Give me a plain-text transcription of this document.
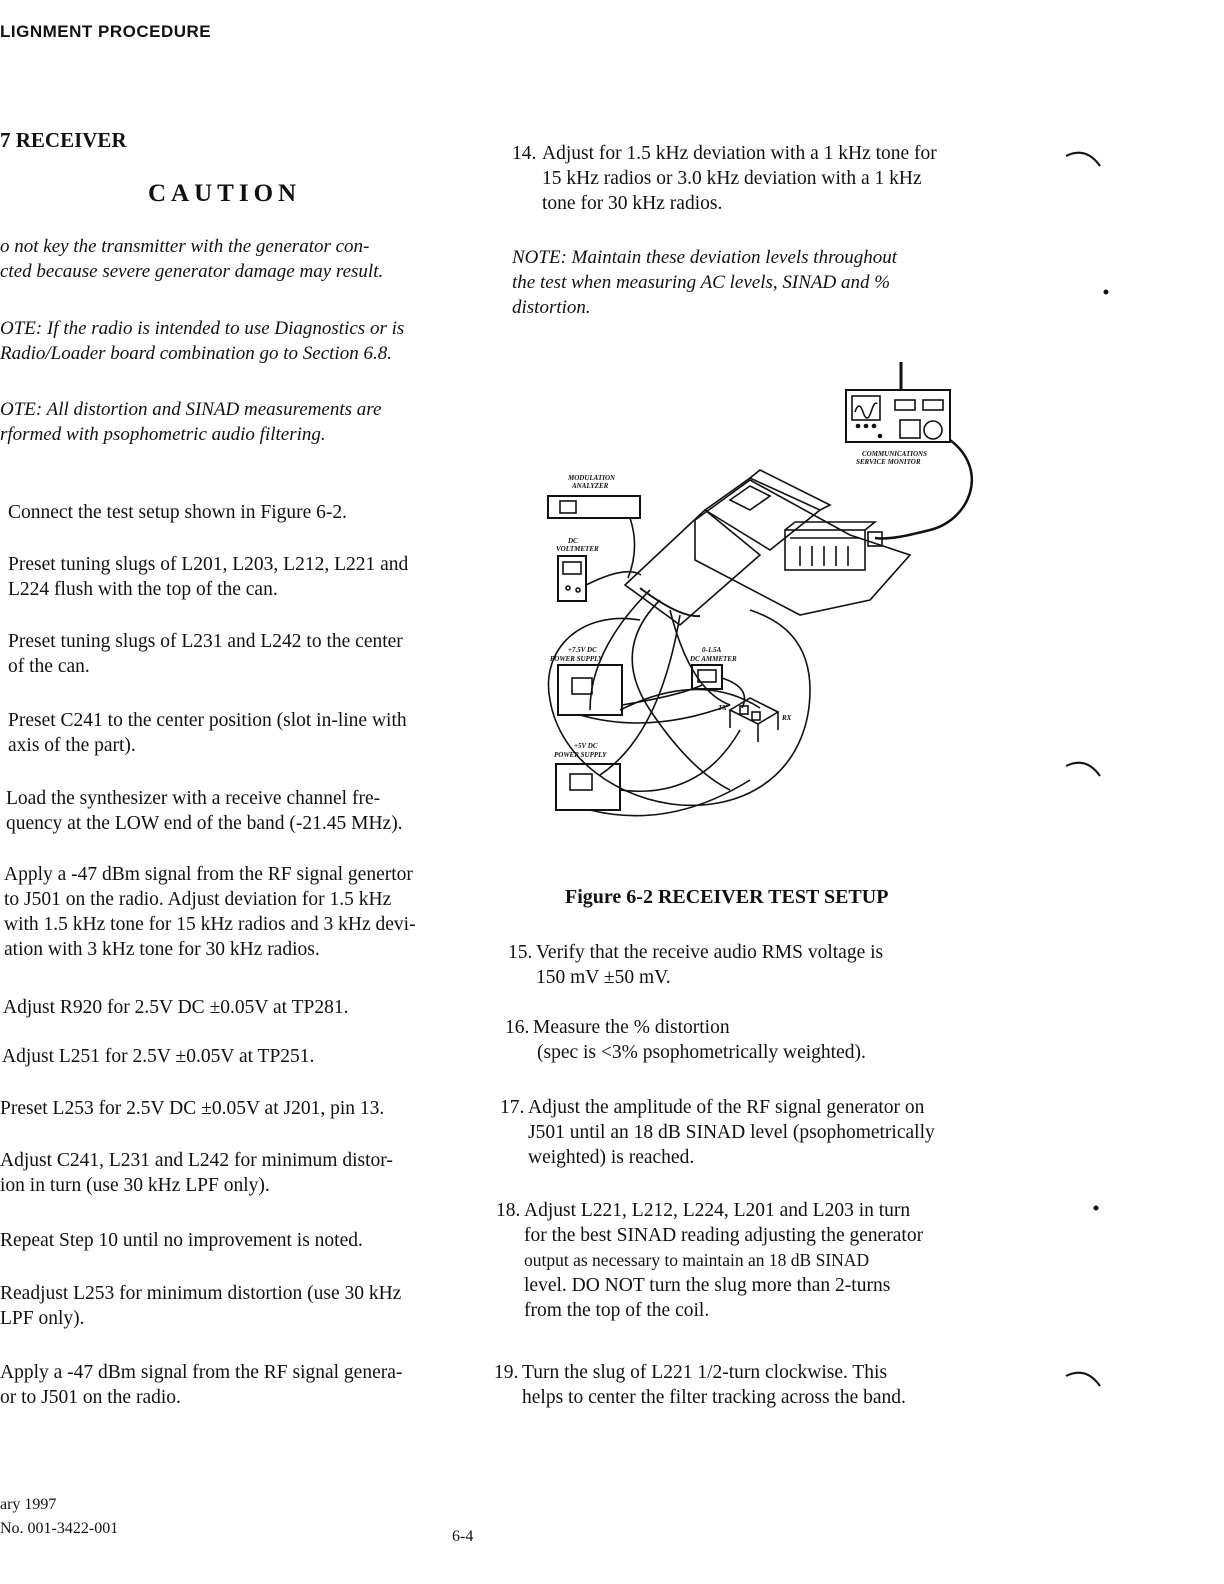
LIGNMENT PROCEDURE
7 RECEIVER
CAUTION
o not key the transmitter with the generator con-
cted because severe generator damage may result.
OTE: If the radio is intended to use Diagnostics or is
Radio/Loader board combination go to Section 6.8.
OTE: All distortion and SINAD measurements are
rformed with psophometric audio filtering.
Connect the test setup shown in Figure 6-2.
Preset tuning slugs of L201, L203, L212, L221 and
L224 flush with the top of the can.
Preset tuning slugs of L231 and L242 to the center
of the can.
Preset C241 to the center position (slot in-line with
axis of the part).
Load the synthesizer with a receive channel fre-
quency at the LOW end of the band (-21.45 MHz).
Apply a -47 dBm signal from the RF signal genertor
to J501 on the radio. Adjust deviation for 1.5 kHz
with 1.5 kHz tone for 15 kHz radios and 3 kHz devi-
ation with 3 kHz tone for 30 kHz radios.
Adjust R920 for 2.5V DC ±0.05V at TP281.
Adjust L251 for 2.5V ±0.05V at TP251.
Preset L253 for 2.5V DC ±0.05V at J201, pin 13.
Adjust C241, L231 and L242 for minimum distor-
ion in turn (use 30 kHz LPF only).
Repeat Step 10 until no improvement is noted.
Readjust L253 for minimum distortion (use 30 kHz
LPF only).
Apply a -47 dBm signal from the RF signal genera-
or to J501 on the radio.
14. Adjust for 1.5 kHz deviation with a 1 kHz tone for
15 kHz radios or 3.0 kHz deviation with a 1 kHz
tone for 30 kHz radios.
NOTE: Maintain these deviation levels throughout
the test when measuring AC levels, SINAD and %
distortion.
COMMUNICATIONS
SERVICE MONITOR
MODULATION
ANALYZER
DC
VOLTMETER
+7.5V DC
POWER SUPPLY
0-1.5A
DC AMMETER
TX
RX
+5V DC
POWER SUPPLY
Figure 6-2 RECEIVER TEST SETUP
15. Verify that the receive audio RMS voltage is
150 mV ±50 mV.
16. Measure the % distortion
(spec is <3% psophometrically weighted).
17. Adjust the amplitude of the RF signal generator on
J501 until an 18 dB SINAD level (psophometrically
weighted) is reached.
18. Adjust L221, L212, L224, L201 and L203 in turn
for the best SINAD reading adjusting the generator
output as necessary to maintain an 18 dB SINAD
level. DO NOT turn the slug more than 2-turns
from the top of the coil.
19. Turn the slug of L221 1/2-turn clockwise. This
helps to center the filter tracking across the band.
ary 1997
No. 001-3422-001	6-4
